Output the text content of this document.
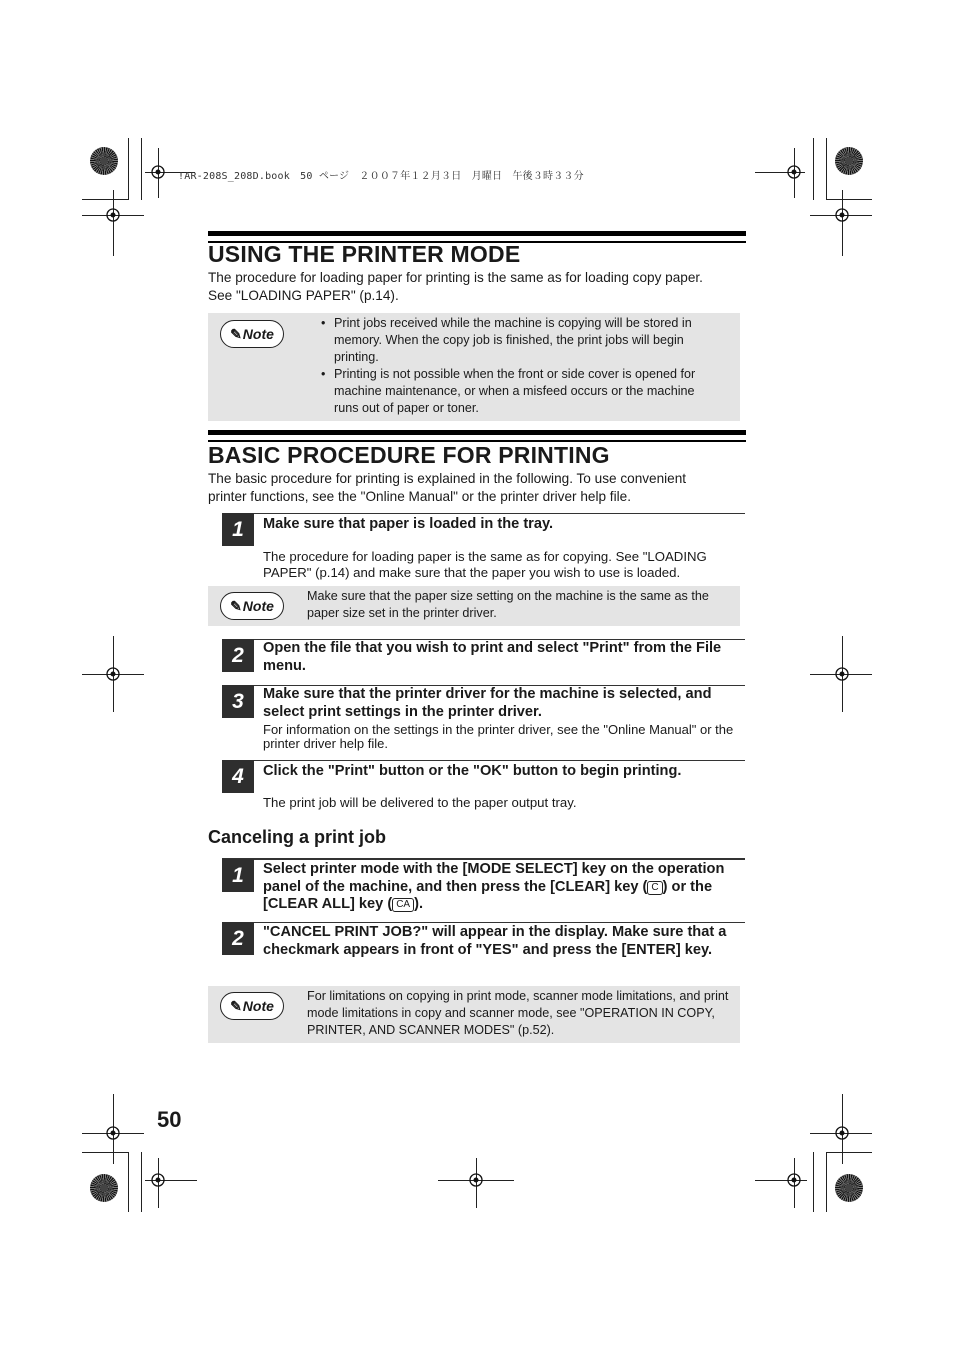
!AR-208S_208D.book　50 ページ　２００７年１２月３日　月曜日　午後３時３３分
USING THE PRINTER MODE

The procedure for loading paper for printing is the same as for loading copy paper.
See "LOADING PAPER" (p.14).

✎ Note
• Print jobs received while the machine is copying will be stored in memory. When the copy job is finished, the print jobs will begin printing.
• Printing is not possible when the front or side cover is opened for machine maintenance, or when a misfeed occurs or the machine runs out of paper or toner.
BASIC PROCEDURE FOR PRINTING

The basic procedure for printing is explained in the following. To use convenient printer functions, see the "Online Manual" or the printer driver help file.

1	Make sure that paper is loaded in the tray.

The procedure for loading paper is the same as for copying. See "LOADING PAPER" (p.14) and make sure that the paper you wish to use is loaded.

✎ Note

Make sure that the paper size setting on the machine is the same as the paper size set in the printer driver.

2	Open the file that you wish to print and select "Print" from the File menu.

3	Make sure that the printer driver for the machine is selected, and select print settings in the printer driver.

For information on the settings in the printer driver, see the "Online Manual" or the printer driver help file.

4	Click the "Print" button or the "OK" button to begin printing.

The print job will be delivered to the paper output tray.

Canceling a print job
1	Select printer mode with the [MODE SELECT] key on the operation panel of the machine, and then press the [CLEAR] key ( C ) or the [CLEAR ALL] key ( CA ).

2	"CANCEL PRINT JOB?" will appear in the display. Make sure that a checkmark appears in front of "YES" and press the [ENTER] key.

✎ Note

For limitations on copying in print mode, scanner mode limitations, and print mode limitations in copy and scanner mode, see "OPERATION IN COPY, PRINTER, AND SCANNER MODES" (p.52).

50
